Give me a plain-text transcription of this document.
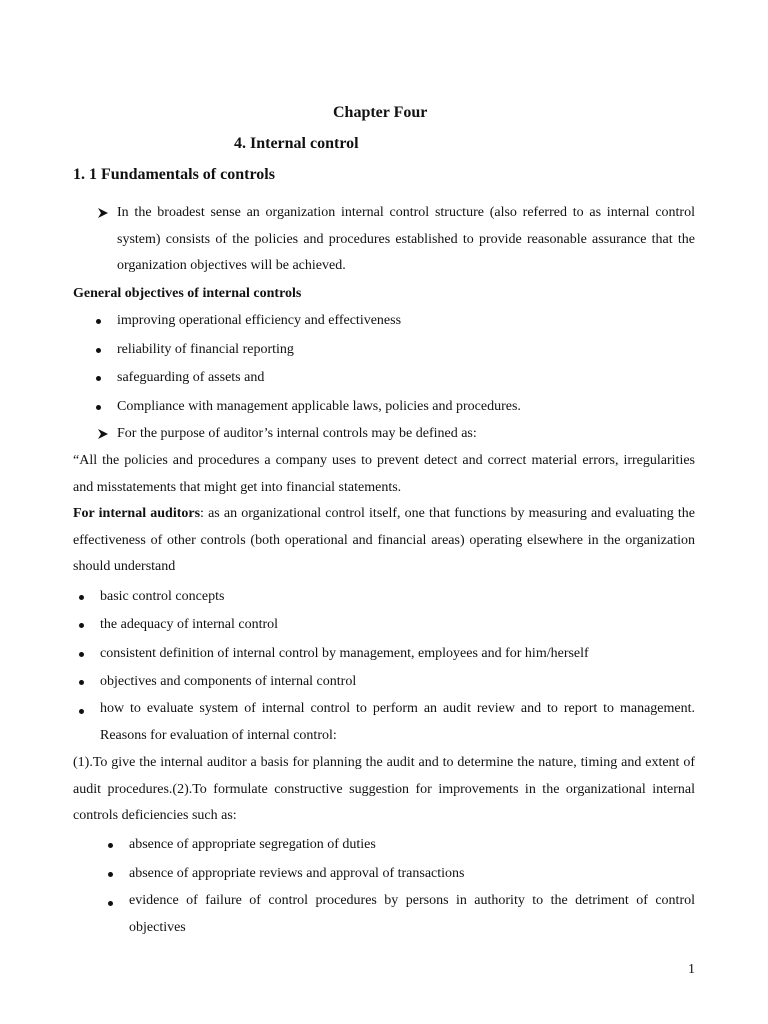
Chapter Four
4. Internal control
1. 1 Fundamentals of controls
In the broadest sense an organization internal control structure (also referred to as internal control system) consists of the policies and procedures established to provide reasonable assurance that the organization objectives will be achieved.
General objectives of internal controls
improving operational efficiency and effectiveness
reliability of financial reporting
safeguarding of assets and
Compliance with management applicable laws, policies and procedures.
For the purpose of auditor’s internal controls may be defined as:
“All the policies and procedures a company uses to prevent detect and correct material errors, irregularities and misstatements that might get into financial statements.
For internal auditors: as an organizational control itself, one that functions by measuring and evaluating the effectiveness of other controls (both operational and financial areas) operating elsewhere in the organization should understand
basic control concepts
the adequacy of internal control
consistent definition of internal control by management, employees and for him/herself
objectives and components of internal control
how to evaluate system of internal control to perform an audit review and to report to management. Reasons for evaluation of internal control:
(1).To give the internal auditor a basis for planning the audit and to determine the nature, timing and extent of audit procedures.(2).To formulate constructive suggestion for improvements in the organizational internal controls deficiencies such as:
absence of appropriate segregation of duties
absence of appropriate reviews and approval of transactions
evidence of failure of control procedures by persons in authority to the detriment of control objectives
1
